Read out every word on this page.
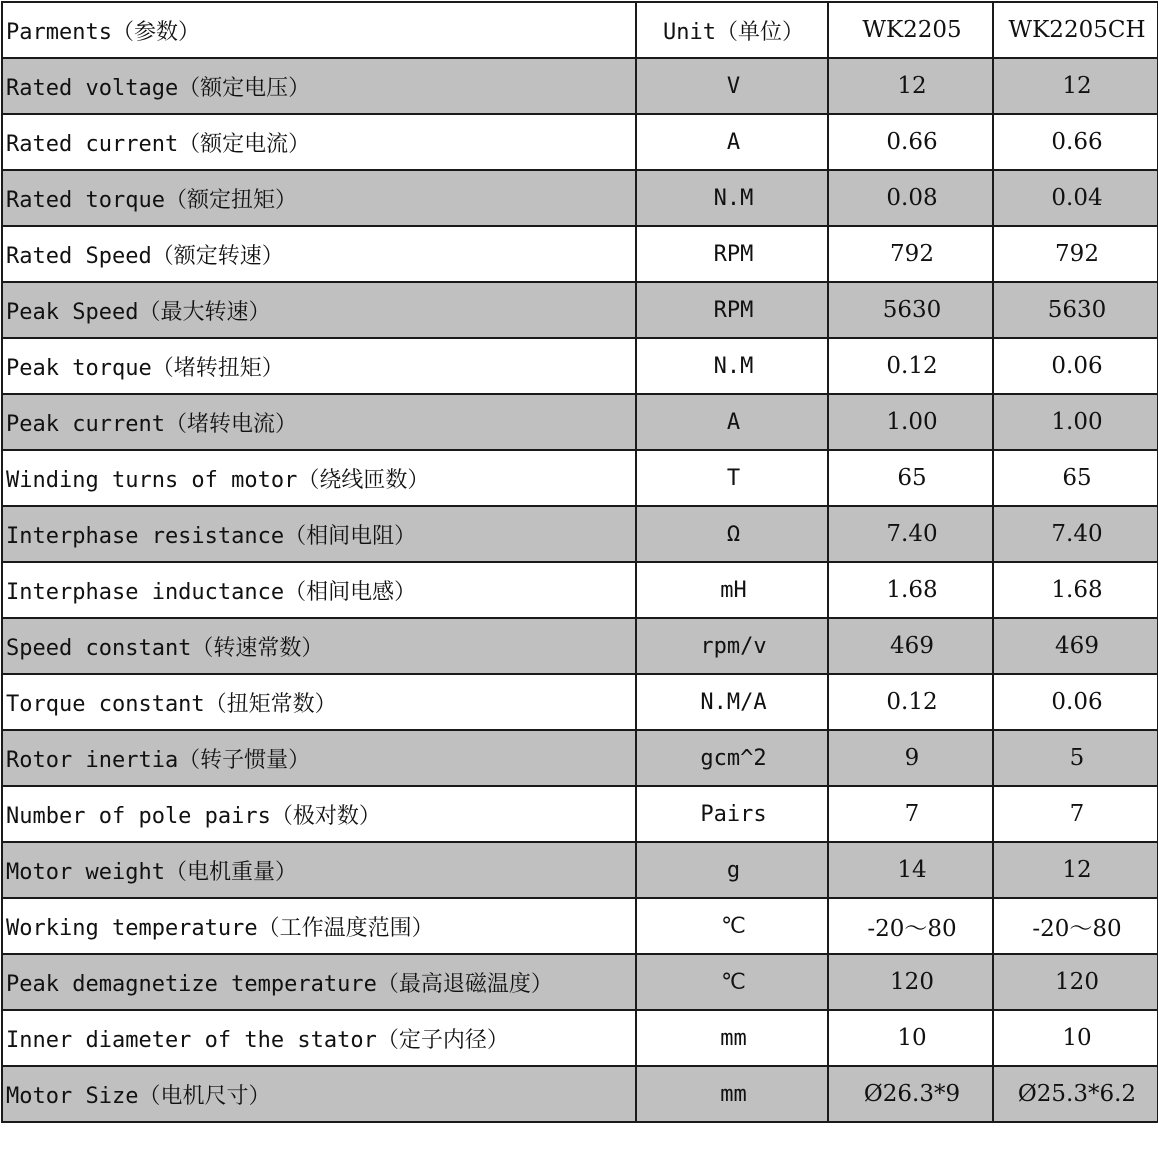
Parments（参数）	Unit（单位）	WK2205	WK2205CH
Rated voltage（额定电压）	V	12	12
Rated current（额定电流）	A	0.66	0.66
Rated torque（额定扭矩）	N.M	0.08	0.04
Rated Speed（额定转速）	RPM	792	792
Peak Speed（最大转速）	RPM	5630	5630
Peak torque（堵转扭矩）	N.M	0.12	0.06
Peak current（堵转电流）	A	1.00	1.00
Winding turns of motor（绕线匝数）	T	65	65
Interphase resistance（相间电阻）	Ω	7.40	7.40
Interphase inductance（相间电感）	mH	1.68	1.68
Speed constant（转速常数）	rpm/v	469	469
Torque constant（扭矩常数）	N.M/A	0.12	0.06
Rotor inertia（转子惯量）	gcm^2	9	5
Number of pole pairs（极对数）	Pairs	7	7
Motor weight（电机重量）	g	14	12
Working temperature（工作温度范围）	℃	-20～80	-20～80
Peak demagnetize temperature（最高退磁温度）	℃	120	120
Inner diameter of the stator（定子内径）	mm	10	10
Motor Size（电机尺寸）	mm	Ø26.3*9	Ø25.3*6.2
